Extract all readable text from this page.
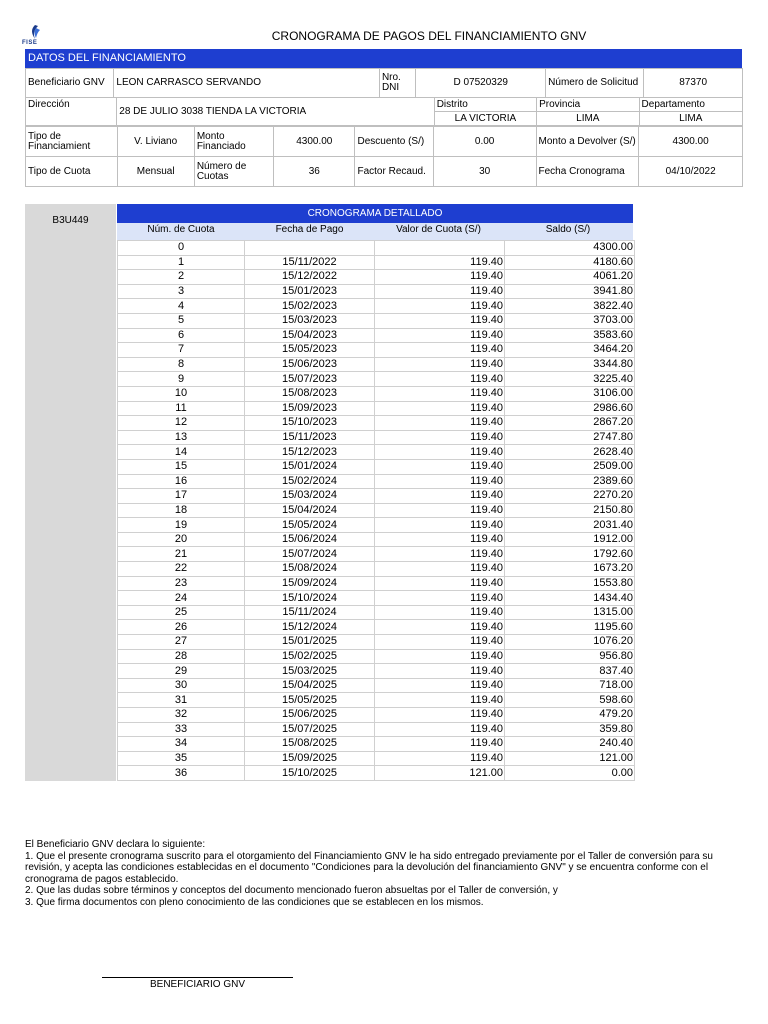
FISE	CRONOGRAMA DE PAGOS DEL FINANCIAMIENTO GNV
DATOS DEL FINANCIAMIENTO
Beneficiario GNV	LEON CARRASCO SERVANDO	Nro. DNI	D 07520329	Número de Solicitud	87370
Dirección	28 DE JULIO 3038 TIENDA LA VICTORIA	Distrito	Provincia	Departamento
		LA VICTORIA	LIMA	LIMA
Tipo de Financiamient	V. Liviano	Monto Financiado	4300.00	Descuento (S/)	0.00	Monto a Devolver (S/)	4300.00
Tipo de Cuota	Mensual	Número de Cuotas	36	Factor Recaud.	30	Fecha Cronograma	04/10/2022
B3U449
CRONOGRAMA DETALLADO
Núm. de Cuota	Fecha de Pago	Valor de Cuota (S/)	Saldo (S/)
0			4300.00
1	15/11/2022	119.40	4180.60
2	15/12/2022	119.40	4061.20
3	15/01/2023	119.40	3941.80
4	15/02/2023	119.40	3822.40
5	15/03/2023	119.40	3703.00
6	15/04/2023	119.40	3583.60
7	15/05/2023	119.40	3464.20
8	15/06/2023	119.40	3344.80
9	15/07/2023	119.40	3225.40
10	15/08/2023	119.40	3106.00
11	15/09/2023	119.40	2986.60
12	15/10/2023	119.40	2867.20
13	15/11/2023	119.40	2747.80
14	15/12/2023	119.40	2628.40
15	15/01/2024	119.40	2509.00
16	15/02/2024	119.40	2389.60
17	15/03/2024	119.40	2270.20
18	15/04/2024	119.40	2150.80
19	15/05/2024	119.40	2031.40
20	15/06/2024	119.40	1912.00
21	15/07/2024	119.40	1792.60
22	15/08/2024	119.40	1673.20
23	15/09/2024	119.40	1553.80
24	15/10/2024	119.40	1434.40
25	15/11/2024	119.40	1315.00
26	15/12/2024	119.40	1195.60
27	15/01/2025	119.40	1076.20
28	15/02/2025	119.40	956.80
29	15/03/2025	119.40	837.40
30	15/04/2025	119.40	718.00
31	15/05/2025	119.40	598.60
32	15/06/2025	119.40	479.20
33	15/07/2025	119.40	359.80
34	15/08/2025	119.40	240.40
35	15/09/2025	119.40	121.00
36	15/10/2025	121.00	0.00

El Beneficiario GNV declara lo siguiente:

1. Que el presente cronograma suscrito para el otorgamiento del Financiamiento GNV le ha sido entregado previamente por el Taller de conversión para su revisión, y acepta las condiciones establecidas en el documento "Condiciones para la devolución del financiamiento GNV" y se encuentra conforme con el cronograma de pagos establecido.

2. Que las dudas sobre términos y conceptos del documento mencionado fueron absueltas por el Taller de conversión, y

3. Que firma documentos con pleno conocimiento de las condiciones que se establecen en los mismos.

BENEFICIARIO GNV
